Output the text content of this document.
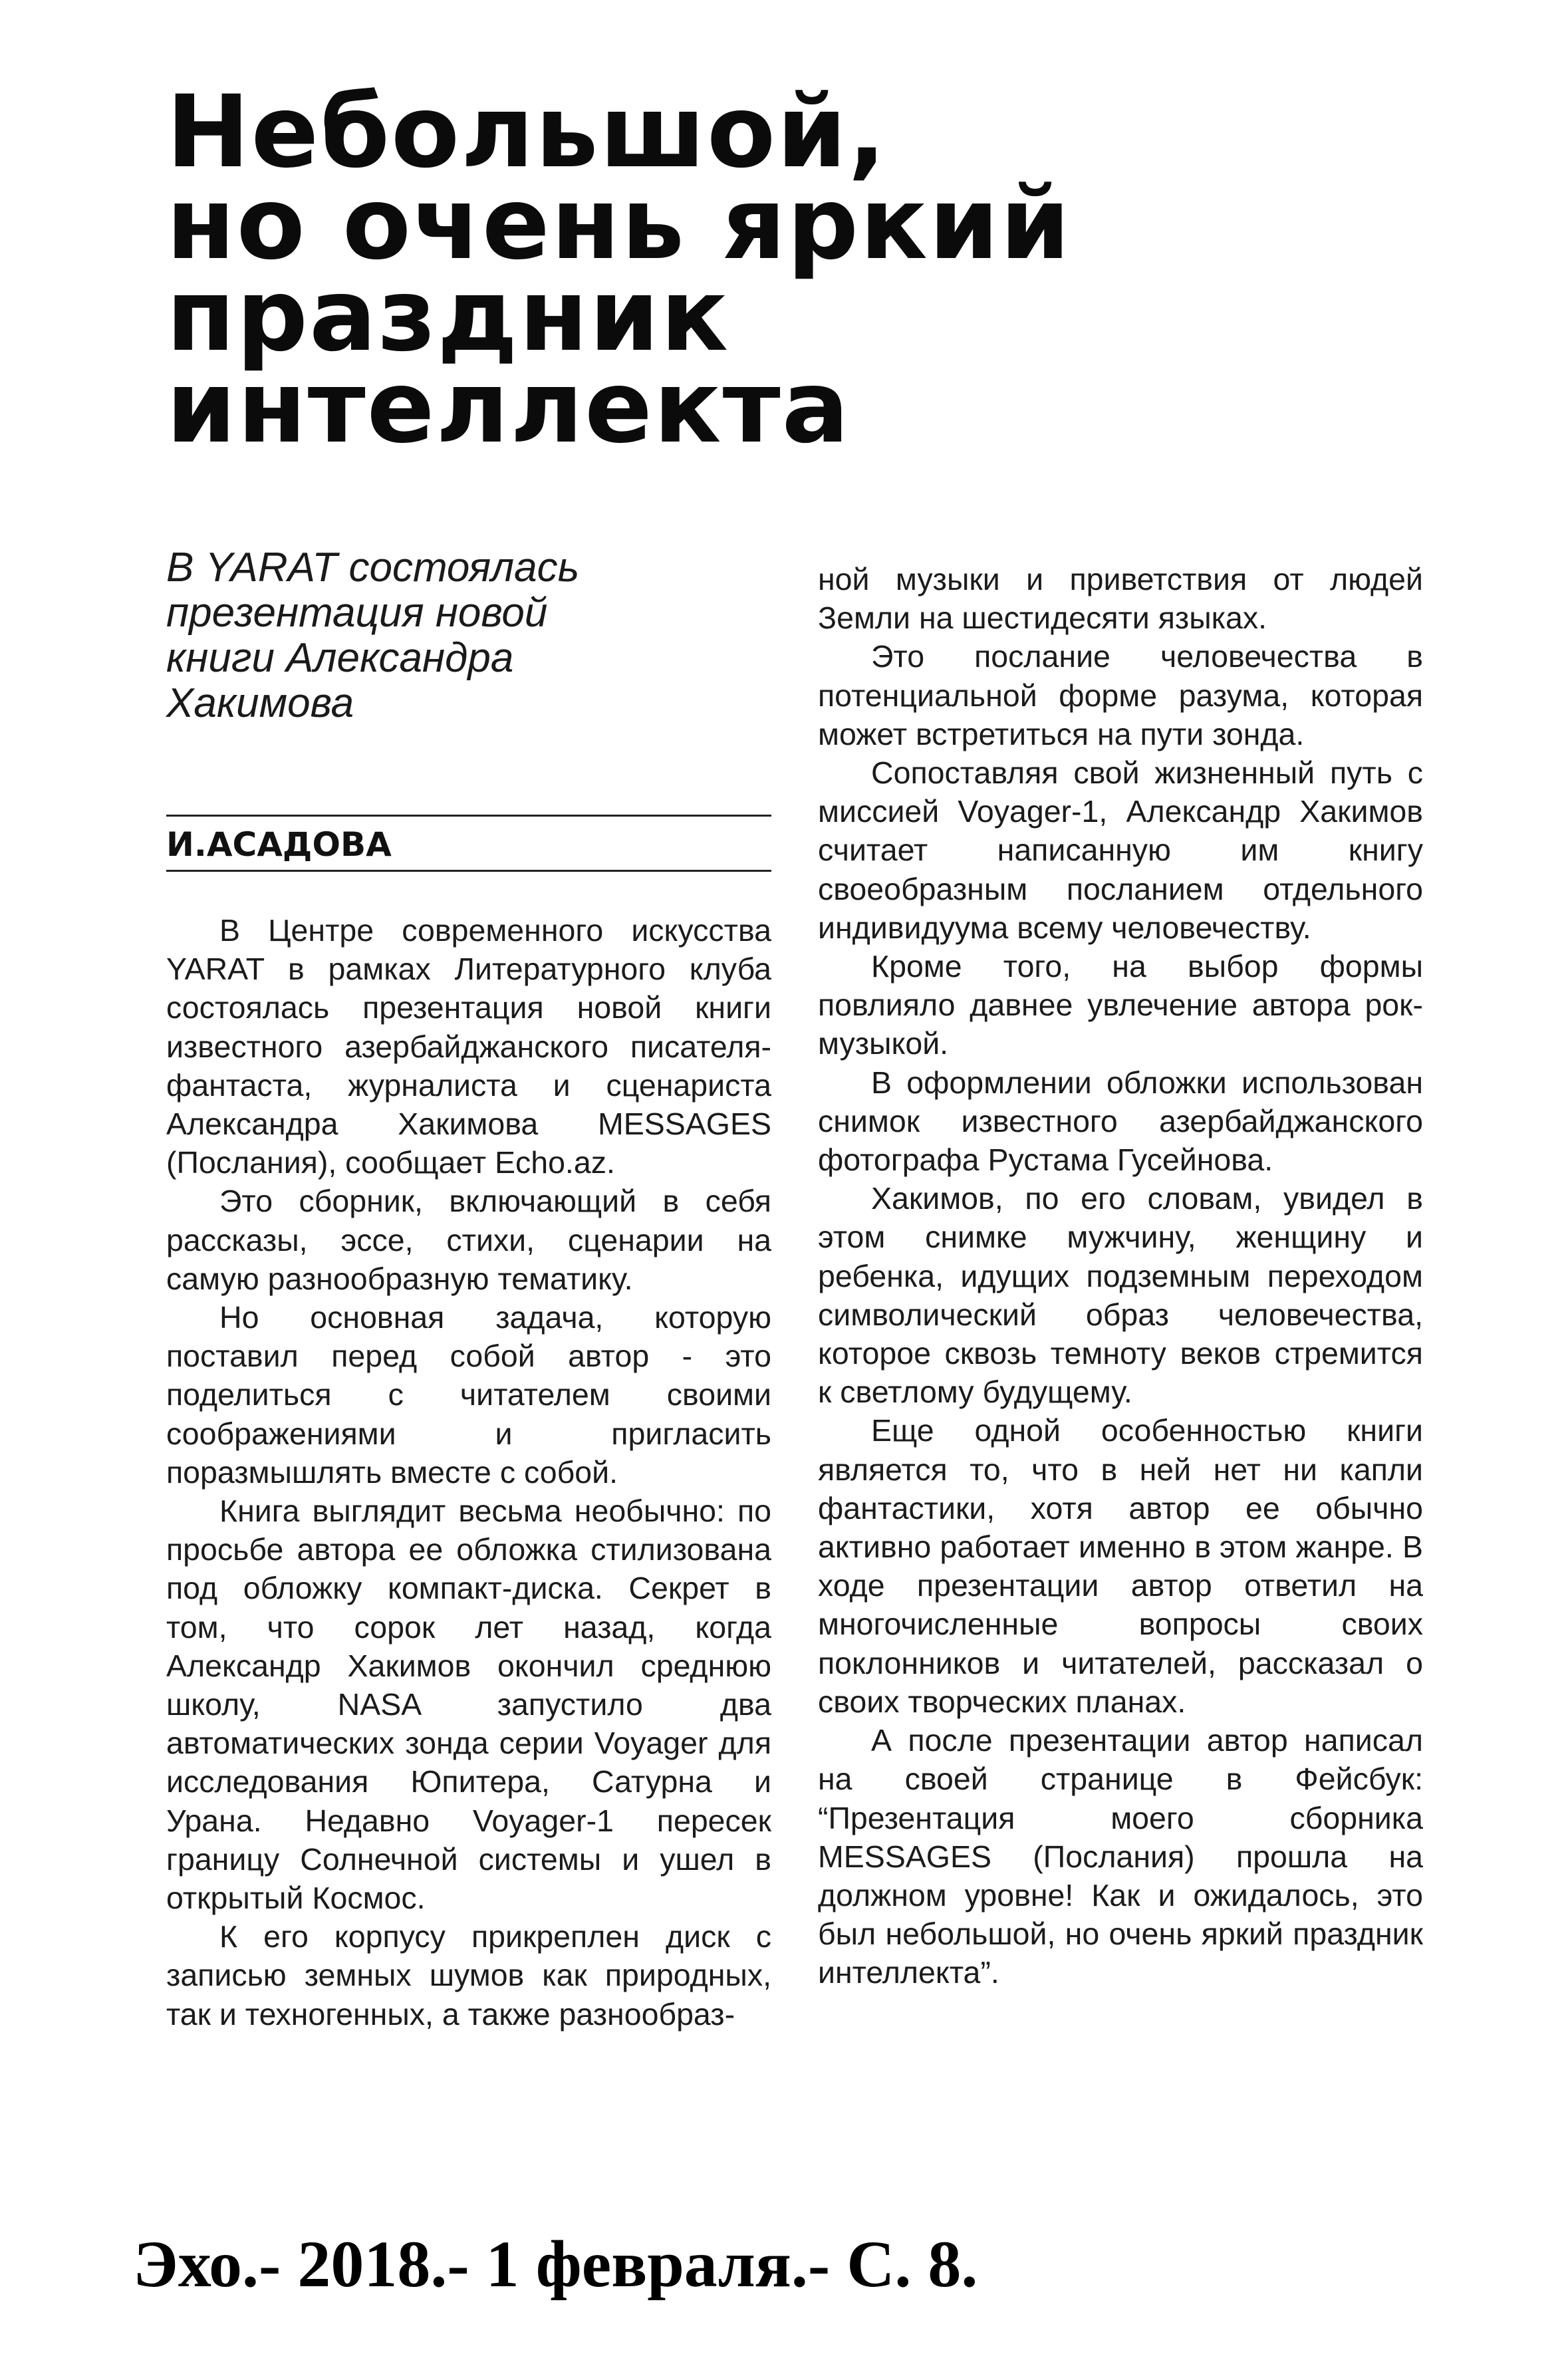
Небольшой,
но очень яркий
праздник
интеллекта
В YARAT состоялась презентация новой книги Александра Хакимова
И.АСАДОВА

В Центре современного искусства YARAT в рамках Литературного клуба состоялась презентация новой книги известного азербайджанского писателя-фантаста, журналиста и сценариста Александра Хакимова MESSAGES (Послания), сообщает Echo.az.

Это сборник, включающий в себя рассказы, эссе, стихи, сценарии на самую разнообразную тематику.

Но основная задача, которую поставил перед собой автор - это поделиться с читателем своими соображениями и пригласить поразмышлять вместе с собой.

Книга выглядит весьма необычно: по просьбе автора ее обложка стилизована под обложку компакт-диска. Секрет в том, что сорок лет назад, когда Александр Хакимов окончил среднюю школу, NASA запустило два автоматических зонда серии Voyager для исследования Юпитера, Сатурна и Урана. Недавно Voyager-1 пересек границу Солнечной системы и ушел в открытый Космос.

К его корпусу прикреплен диск с записью земных шумов как природных, так и техногенных, а также разнообраз-

ной музыки и приветствия от людей Земли на шестидесяти языках.

Это послание человечества в потенциальной форме разума, которая может встретиться на пути зонда.

Сопоставляя свой жизненный путь с миссией Voyager-1, Александр Хакимов считает написанную им книгу своеобразным посланием отдельного индивидуума всему человечеству.

Кроме того, на выбор формы повлияло давнее увлечение автора рок-музыкой.

В оформлении обложки использован снимок известного азербайджанского фотографа Рустама Гусейнова.

Хакимов, по его словам, увидел в этом снимке мужчину, женщину и ребенка, идущих подземным переходом символический образ человечества, которое сквозь темноту веков стремится к светлому будущему.

Еще одной особенностью книги является то, что в ней нет ни капли фантастики, хотя автор ее обычно активно работает именно в этом жанре. В ходе презентации автор ответил на многочисленные вопросы своих поклонников и читателей, рассказал о своих творческих планах.

А после презентации автор написал на своей странице в Фейсбук: “Презентация моего сборника MESSAGES (Послания) прошла на должном уровне! Как и ожидалось, это был небольшой, но очень яркий праздник интеллекта”.

Эхо.- 2018.- 1 февраля.- С. 8.
